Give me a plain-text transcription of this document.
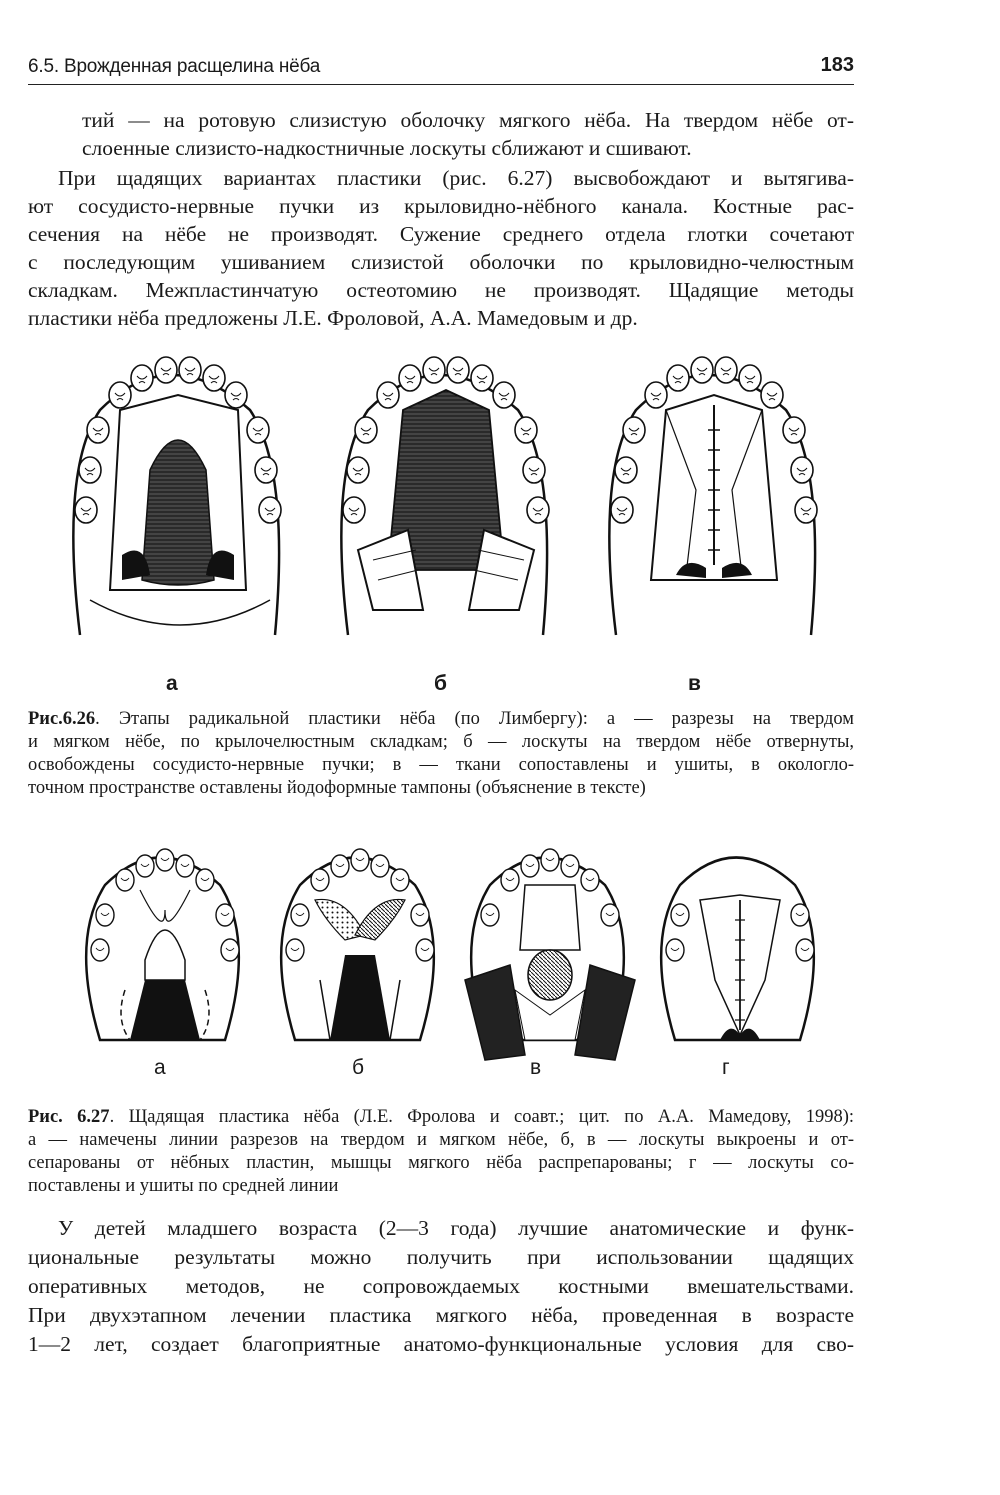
6.5. Врожденная расщелина нёба	183
тий — на ротовую слизистую оболочку мягкого нёба. На твердом нёбе от-
слоенные слизисто-надкостничные лоскуты сближают и сшивают.
При щадящих вариантах пластики (рис. 6.27) высвобождают и вытягива-
ют сосудисто-нервные пучки из крыловидно-нёбного канала. Костные рас-
сечения на нёбе не производят. Сужение среднего отдела глотки сочетают
с последующим ушиванием слизистой оболочки по крыловидно-челюстным
складкам. Межпластинчатую остеотомию не производят. Щадящие методы
пластики нёба предложены Л.Е. Фроловой, А.А. Мамедовым и др.
а	б	в
Рис.6.26. Этапы радикальной пластики нёба (по Лимбергу): а — разрезы на твердом
и мягком нёбе, по крылочелюстным складкам; б — лоскуты на твердом нёбе отвернуты,
освобождены сосудисто-нервные пучки; в — ткани сопоставлены и ушиты, в окологло-
точном пространстве оставлены йодоформные тампоны (объяснение в тексте)
а	б	в	г
Рис. 6.27. Щадящая пластика нёба (Л.Е. Фролова и соавт.; цит. по А.А. Мамедову, 1998):
а — намечены линии разрезов на твердом и мягком нёбе, б, в — лоскуты выкроены и от-
сепарованы от нёбных пластин, мышцы мягкого нёба распрепарованы; г — лоскуты со-
поставлены и ушиты по средней линии
У детей младшего возраста (2—3 года) лучшие анатомические и функ-
циональные результаты можно получить при использовании щадящих
оперативных методов, не сопровождаемых костными вмешательствами.
При двухэтапном лечении пластика мягкого нёба, проведенная в возрасте
1—2 лет, создает благоприятные анатомо-функциональные условия для сво-
